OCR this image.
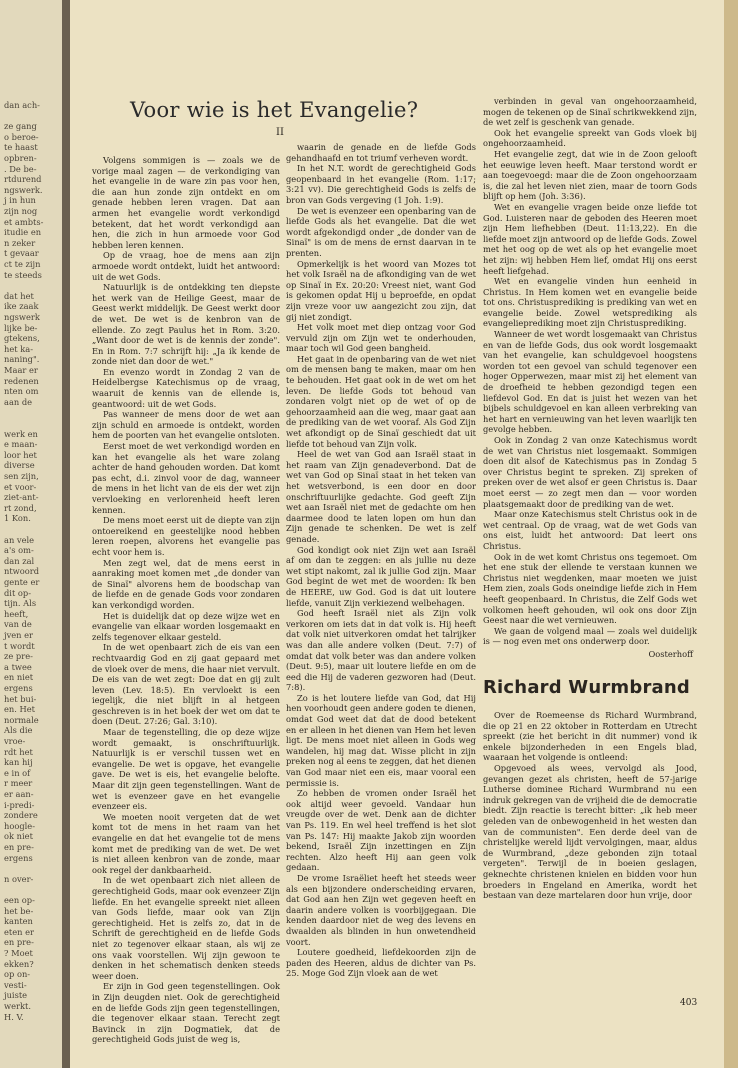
dan ach-
ze gang
o beroe-
te haast
opbren-
. De be-
rtdurend
ngswerk.
j in hun
zijn nog
et ambts-
itudie en
n zeker
t gevaar
ct te zijn
te steeds
dat het
ike zaak
ngswerk
lijke be-
gtekens,
het ka-
naning".
Maar er
redenen
nten om
aan de
werk en
e maan-
loor het
diverse
sen zijn,
et voor-
ziet-ant-
rt zond,
1 Kon.
an vele
a's om-
dan zal
ntwoord
gente er
dit op-
tijn. Als
heeft,
van de
jven er
t wordt
ze pre-
a twee
en niet
ergens
het bui-
en. Het
normale
Als die
vroe-
rdt het
kan hij
e in of
r meer
er aan-
i-predi-
zondere
hoogle-
ok niet
en pre-
ergens
n over-
een op-
het be-
kanten
eten er
en pre-
? Moet
ekken?
op on-
vesti-
juiste
werkt.
H. V.
Voor wie is het Evangelie?
II

Volgens sommigen is — zoals we de vorige maal zagen — de verkondiging van het evangelie in de ware zin pas voor hen, die aan hun zonde zijn ontdekt en om genade hebben leren vragen. Dat aan armen het evangelie wordt verkondigd betekent, dat het wordt verkondigd aan hen, die zich in hun armoede voor God hebben leren kennen.

Op de vraag, hoe de mens aan zijn armoede wordt ontdekt, luidt het antwoord: uit de wet Gods.

Natuurlijk is de ontdekking ten diepste het werk van de Heilige Geest, maar de Geest werkt middelijk. De Geest werkt door de wet. De wet is de kenbron van de ellende. Zo zegt Paulus het in Rom. 3:20. „Want door de wet is de kennis der zonde". En in Rom. 7:7 schrijft hij: „Ja ik kende de zonde niet dan door de wet."

En evenzo wordt in Zondag 2 van de Heidelbergse Katechismus op de vraag, waaruit de kennis van de ellende is, geantwoord: uit de wet Gods.

Pas wanneer de mens door de wet aan zijn schuld en armoede is ontdekt, worden hem de poorten van het evangelie ontsloten.

Eerst moet de wet verkondigd worden en kan het evangelie als het ware zolang achter de hand gehouden worden. Dat komt pas echt, d.i. zinvol voor de dag, wanneer de mens in het licht van de eis der wet zijn vervloeking en verlorenheid heeft leren kennen.

De mens moet eerst uit de diepte van zijn ontoereikend en geestelijke nood hebben leren roepen, alvorens het evangelie pas echt voor hem is.

Men zegt wel, dat de mens eerst in aanraking moet komen met „de donder van de Sinaï" alvorens hem de boodschap van de liefde en de genade Gods voor zondaren kan verkondigd worden.

Het is duidelijk dat op deze wijze wet en evangelie van elkaar worden losgemaakt en zelfs tegenover elkaar gesteld.

In de wet openbaart zich de eis van een rechtvaardig God en zij gaat gepaard met de vloek over de mens, die haar niet vervult. De eis van de wet zegt: Doe dat en gij zult leven (Lev. 18:5). En vervloekt is een iegelijk, die niet blijft in al hetgeen geschreven is in het boek der wet om dat te doen (Deut. 27:26; Gal. 3:10).

Maar de tegenstelling, die op deze wijze wordt gemaakt, is onschriftuurlijk. Natuurlijk is er verschil tussen wet en evangelie. De wet is opgave, het evangelie gave. De wet is eis, het evangelie belofte. Maar dit zijn geen tegenstellingen. Want de wet is evenzeer gave en het evangelie evenzeer eis.

We moeten nooit vergeten dat de wet komt tot de mens in het raam van het evangelie en dat het evangelie tot de mens komt met de prediking van de wet. De wet is niet alleen kenbron van de zonde, maar ook regel der dankbaarheid.

In de wet openbaart zich niet alleen de gerechtigheid Gods, maar ook evenzeer Zijn liefde. En het evangelie spreekt niet alleen van Gods liefde, maar ook van Zijn gerechtigheid. Het is zelfs zo, dat in de Schrift de gerechtigheid en de liefde Gods niet zo tegenover elkaar staan, als wij ze ons vaak voorstellen. Wij zijn gewoon te denken in het schematisch denken steeds weer doen.

Er zijn in God geen tegenstellingen. Ook in Zijn deugden niet. Ook de gerechtigheid en de liefde Gods zijn geen tegenstellingen, die tegenover elkaar staan. Terecht zegt Bavinck in zijn Dogmatiek, dat de gerechtigheid Gods juist de weg is,

waarin de genade en de liefde Gods gehandhaafd en tot triumf verheven wordt.

In het N.T. wordt de gerechtigheid Gods geopenbaard in het evangelie (Rom. 1:17; 3:21 vv). Die gerechtigheid Gods is zelfs de bron van Gods vergeving (1 Joh. 1:9).

De wet is evenzeer een openbaring van de liefde Gods als het evangelie. Dat die wet wordt afgekondigd onder „de donder van de Sinaï" is om de mens de ernst daarvan in te prenten.

Opmerkelijk is het woord van Mozes tot het volk Israël na de afkondiging van de wet op Sinaï in Ex. 20:20: Vreest niet, want God is gekomen opdat Hij u beproefde, en opdat zijn vreze voor uw aangezicht zou zijn, dat gij niet zondigt.

Het volk moet met diep ontzag voor God vervuld zijn om Zijn wet te onderhouden, maar toch wil God geen bangheid.

Het gaat in de openbaring van de wet niet om de mensen bang te maken, maar om hen te behouden. Het gaat ook in de wet om het leven. De liefde Gods tot behoud van zondaren volgt niet op de wet of op de gehoorzaamheid aan die weg, maar gaat aan de prediking van de wet vooraf. Als God Zijn wet afkondigt op de Sinaï geschiedt dat uit liefde tot behoud van Zijn volk.

Heel de wet van God aan Israël staat in het raam van Zijn genadeverbond. Dat de wet van God op Sinaï staat in het teken van het wetsverbond, is een door en door onschriftuurlijke gedachte. God geeft Zijn wet aan Israël niet met de gedachte om hen daarmee dood te laten lopen om hun dan Zijn genade te schenken. De wet is zelf genade.

God kondigt ook niet Zijn wet aan Israël af om dan te zeggen: en als jullie nu deze wet stipt nakomt, zal ik jullie God zijn. Maar God begint de wet met de woorden: Ik ben de HEERE, uw God. God is dat uit loutere liefde, vanuit Zijn verkiezend welbehagen.

God heeft Israël niet als Zijn volk verkoren om iets dat in dat volk is. Hij heeft dat volk niet uitverkoren omdat het talrijker was dan alle andere volken (Deut. 7:7) of omdat dat volk beter was dan andere volken (Deut. 9:5), maar uit loutere liefde en om de eed die Hij de vaderen gezworen had (Deut. 7:8).

Zo is het loutere liefde van God, dat Hij hen voorhoudt geen andere goden te dienen, omdat God weet dat dat de dood betekent en er alleen in het dienen van Hem het leven ligt. De mens moet niet alleen in Gods weg wandelen, hij mag dat. Wisse plicht in zijn preken nog al eens te zeggen, dat het dienen van God maar niet een eis, maar vooral een permissie is.

Zo hebben de vromen onder Israël het ook altijd weer gevoeld. Vandaar hun vreugde over de wet. Denk aan de dichter van Ps. 119. En wel heel treffend is het slot van Ps. 147: Hij maakte Jakob zijn woorden bekend, Israël Zijn inzettingen en Zijn rechten. Alzo heeft Hij aan geen volk gedaan.

De vrome Israëliet heeft het steeds weer als een bijzondere onderscheiding ervaren, dat God aan hen Zijn wet gegeven heeft en daarin andere volken is voorbijgegaan. Die kenden daardoor niet de weg des levens en dwaalden als blinden in hun onwetendheid voort.

Loutere goedheid, liefdekoorden zijn de paden des Heeren, aldus de dichter van Ps. 25. Moge God Zijn vloek aan de wet

verbinden in geval van ongehoorzaamheid, mogen de tekenen op de Sinaï schrikwekkend zijn, de wet zelf is geschenk van genade.

Ook het evangelie spreekt van Gods vloek bij ongehoorzaamheid.

Het evangelie zegt, dat wie in de Zoon gelooft het eeuwige leven heeft. Maar terstond wordt er aan toegevoegd: maar die de Zoon ongehoorzaam is, die zal het leven niet zien, maar de toorn Gods blijft op hem (Joh. 3:36).

Wet en evangelie vragen beide onze liefde tot God. Luisteren naar de geboden des Heeren moet zijn Hem liefhebben (Deut. 11:13,22). En die liefde moet zijn antwoord op de liefde Gods. Zowel met het oog op de wet als op het evangelie moet het zijn: wij hebben Hem lief, omdat Hij ons eerst heeft liefgehad.

Wet en evangelie vinden hun eenheid in Christus. In Hem komen wet en evangelie beide tot ons. Christusprediking is prediking van wet en evangelie beide. Zowel wetsprediking als evangelieprediking moet zijn Christusprediking.

Wanneer de wet wordt losgemaakt van Christus en van de liefde Gods, dus ook wordt losgemaakt van het evangelie, kan schuldgevoel hoogstens worden tot een gevoel van schuld tegenover een hoger Opperwezen, maar mist zij het element van de droefheid te hebben gezondigd tegen een liefdevol God. En dat is juist het wezen van het bijbels schuldgevoel en kan alleen verbreking van het hart en vernieuwing van het leven waarlijk ten gevolge hebben.

Ook in Zondag 2 van onze Katechismus wordt de wet van Christus niet losgemaakt. Sommigen doen dit alsof de Katechismus pas in Zondag 5 over Christus begint te spreken. Zij spreken of preken over de wet alsof er geen Christus is. Daar moet eerst — zo zegt men dan — voor worden plaatsgemaakt door de prediking van de wet.

Maar onze Katechismus stelt Christus ook in de wet centraal. Op de vraag, wat de wet Gods van ons eist, luidt het antwoord: Dat leert ons Christus.

Ook in de wet komt Christus ons tegemoet. Om het ene stuk der ellende te verstaan kunnen we Christus niet wegdenken, maar moeten we juist Hem zien, zoals Gods oneindige liefde zich in Hem heeft geopenbaard. In Christus, die Zelf Gods wet volkomen heeft gehouden, wil ook ons door Zijn Geest naar die wet vernieuwen.

We gaan de volgend maal — zoals wel duidelijk is — nog even met ons onderwerp door.

Oosterhoff
Richard Wurmbrand

Over de Roemeense ds Richard Wurmbrand, die op 21 en 22 oktober in Rotterdam en Utrecht spreekt (zie het bericht in dit nummer) vond ik enkele bijzonderheden in een Engels blad, waaraan het volgende is ontleend:

Opgevoed als wees, vervolgd als Jood, gevangen gezet als christen, heeft de 57-jarige Lutherse dominee Richard Wurmbrand nu een indruk gekregen van de vrijheid die de democratie biedt. Zijn reactie is terecht bitter: „ik heb meer geleden van de onbewogenheid in het westen dan van de communisten". Een derde deel van de christelijke wereld lijdt vervolgingen, maar, aldus de Wurmbrand, „deze gebonden zijn totaal vergeten". Terwijl de in boeien geslagen, geknechte christenen knielen en bidden voor hun broeders in Engeland en Amerika, wordt het bestaan van deze martelaren door hun vrije, door

403
